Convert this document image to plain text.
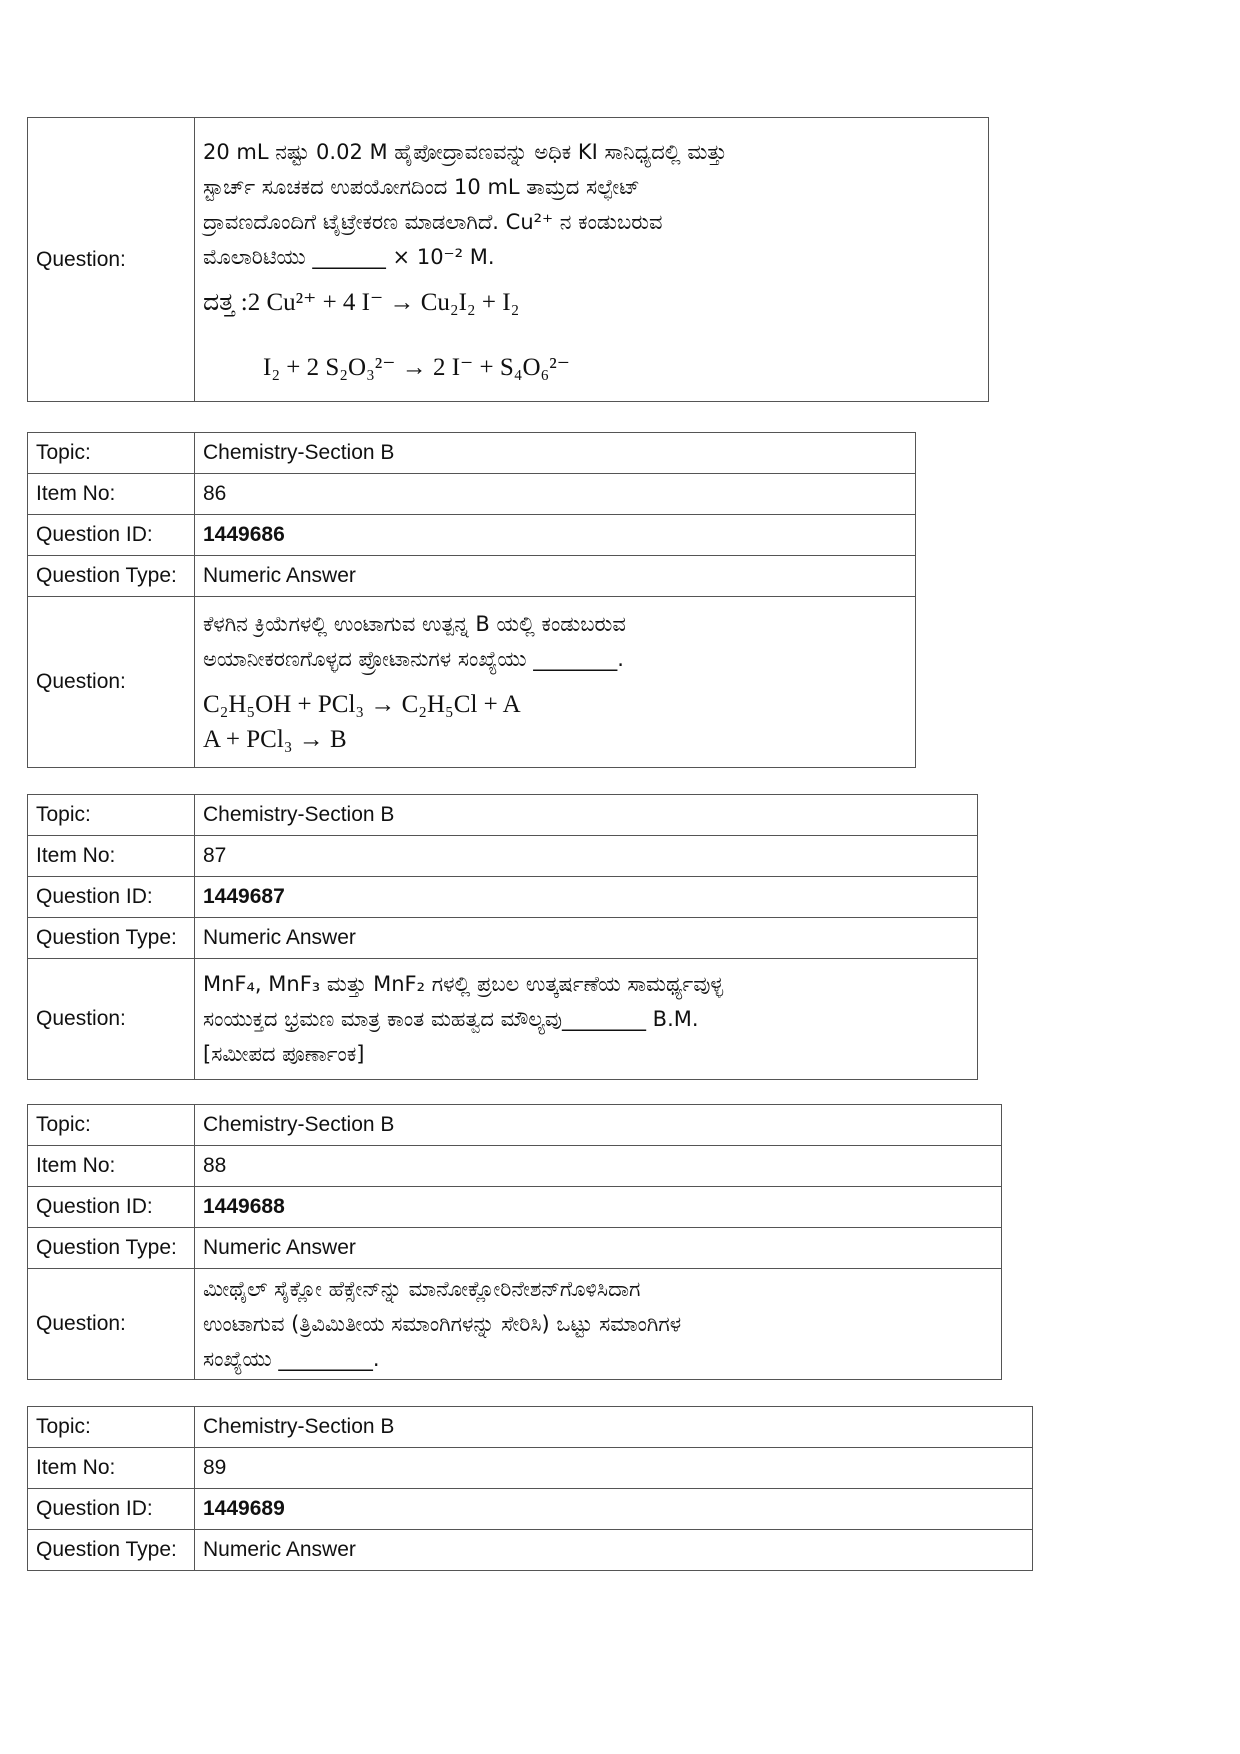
Question:	
20 mL ನಷ್ಟು 0.02 M ಹೈಪೋದ್ರಾವಣವನ್ನು ಅಧಿಕ KI ಸಾನಿಧ್ಯದಲ್ಲಿ ಮತ್ತು
ಸ್ಟಾರ್ಚ್ ಸೂಚಕದ ಉಪಯೋಗದಿಂದ 10 mL ತಾಮ್ರದ ಸಲ್ಫೇಟ್
ದ್ರಾವಣದೊಂದಿಗೆ ಟೈಟ್ರೇಕರಣ ಮಾಡಲಾಗಿದೆ. Cu²⁺ ನ ಕಂಡುಬರುವ
ಮೊಲಾರಿಟಿಯು _______ × 10⁻² M.
ದತ್ತ :2 Cu²⁺ + 4 I⁻ → Cu₂I₂ + I₂
I₂ + 2 S₂O₃²⁻ → 2 I⁻ + S₄O₆²⁻
Topic:	Chemistry-Section B
Item No:	86
Question ID:	1449686
Question Type:	Numeric Answer
Question:	ಕೆಳಗಿನ ಕ್ರಿಯೆಗಳಲ್ಲಿ ಉಂಟಾಗುವ ಉತ್ಪನ್ನ B ಯಲ್ಲಿ ಕಂಡುಬರುವ
ಅಯಾನೀಕರಣಗೊಳ್ಳದ ಪ್ರೋಟಾನುಗಳ ಸಂಖ್ಯೆಯು ________.
C₂H₅OH + PCl₃ → C₂H₅Cl + A
A + PCl₃ → B
Topic:	Chemistry-Section B
Item No:	87
Question ID:	1449687
Question Type:	Numeric Answer
Question:	MnF₄, MnF₃ ಮತ್ತು MnF₂ ಗಳಲ್ಲಿ ಪ್ರಬಲ ಉತ್ಕರ್ಷಣೆಯ ಸಾಮರ್ಥ್ಯವುಳ್ಳ
ಸಂಯುಕ್ತದ ಭ್ರಮಣ ಮಾತ್ರ ಕಾಂತ ಮಹತ್ವದ ಮೌಲ್ಯವು________ B.M.
[ಸಮೀಪದ ಪೂರ್ಣಾಂಕ]
Topic:	Chemistry-Section B
Item No:	88
Question ID:	1449688
Question Type:	Numeric Answer
Question:	ಮೀಥೈಲ್ ಸೈಕ್ಲೋ ಹೆಕ್ಸೇನ್‌ನ್ನು ಮಾನೋಕ್ಲೋರಿನೇಶನ್‌ಗೊಳಿಸಿದಾಗ
ಉಂಟಾಗುವ (ತ್ರಿವಿಮಿತೀಯ ಸಮಾಂಗಿಗಳನ್ನು ಸೇರಿಸಿ) ಒಟ್ಟು ಸಮಾಂಗಿಗಳ
ಸಂಖ್ಯೆಯು _________.
Topic:	Chemistry-Section B
Item No:	89
Question ID:	1449689
Question Type:	Numeric Answer
